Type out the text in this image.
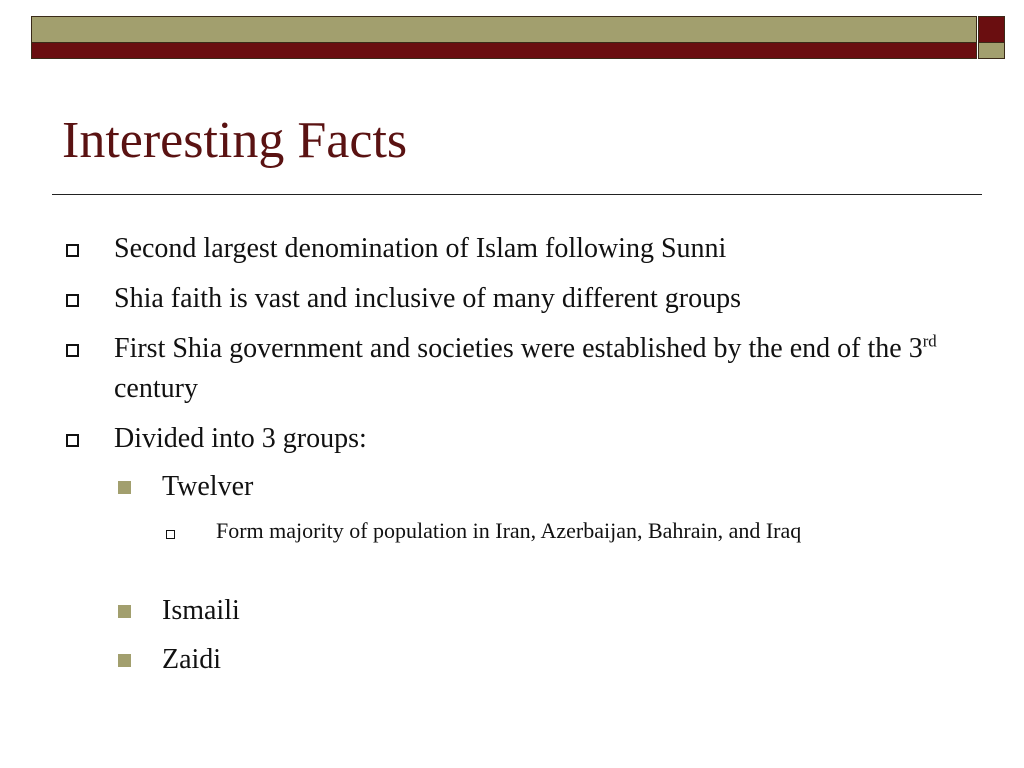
Interesting Facts
Second largest denomination of Islam following Sunni
Shia faith is vast and inclusive of many different groups
First Shia government and societies were established by the end of the 3rd century
Divided into 3 groups:
Twelver
Form majority of population in Iran, Azerbaijan, Bahrain, and Iraq
Ismaili
Zaidi
